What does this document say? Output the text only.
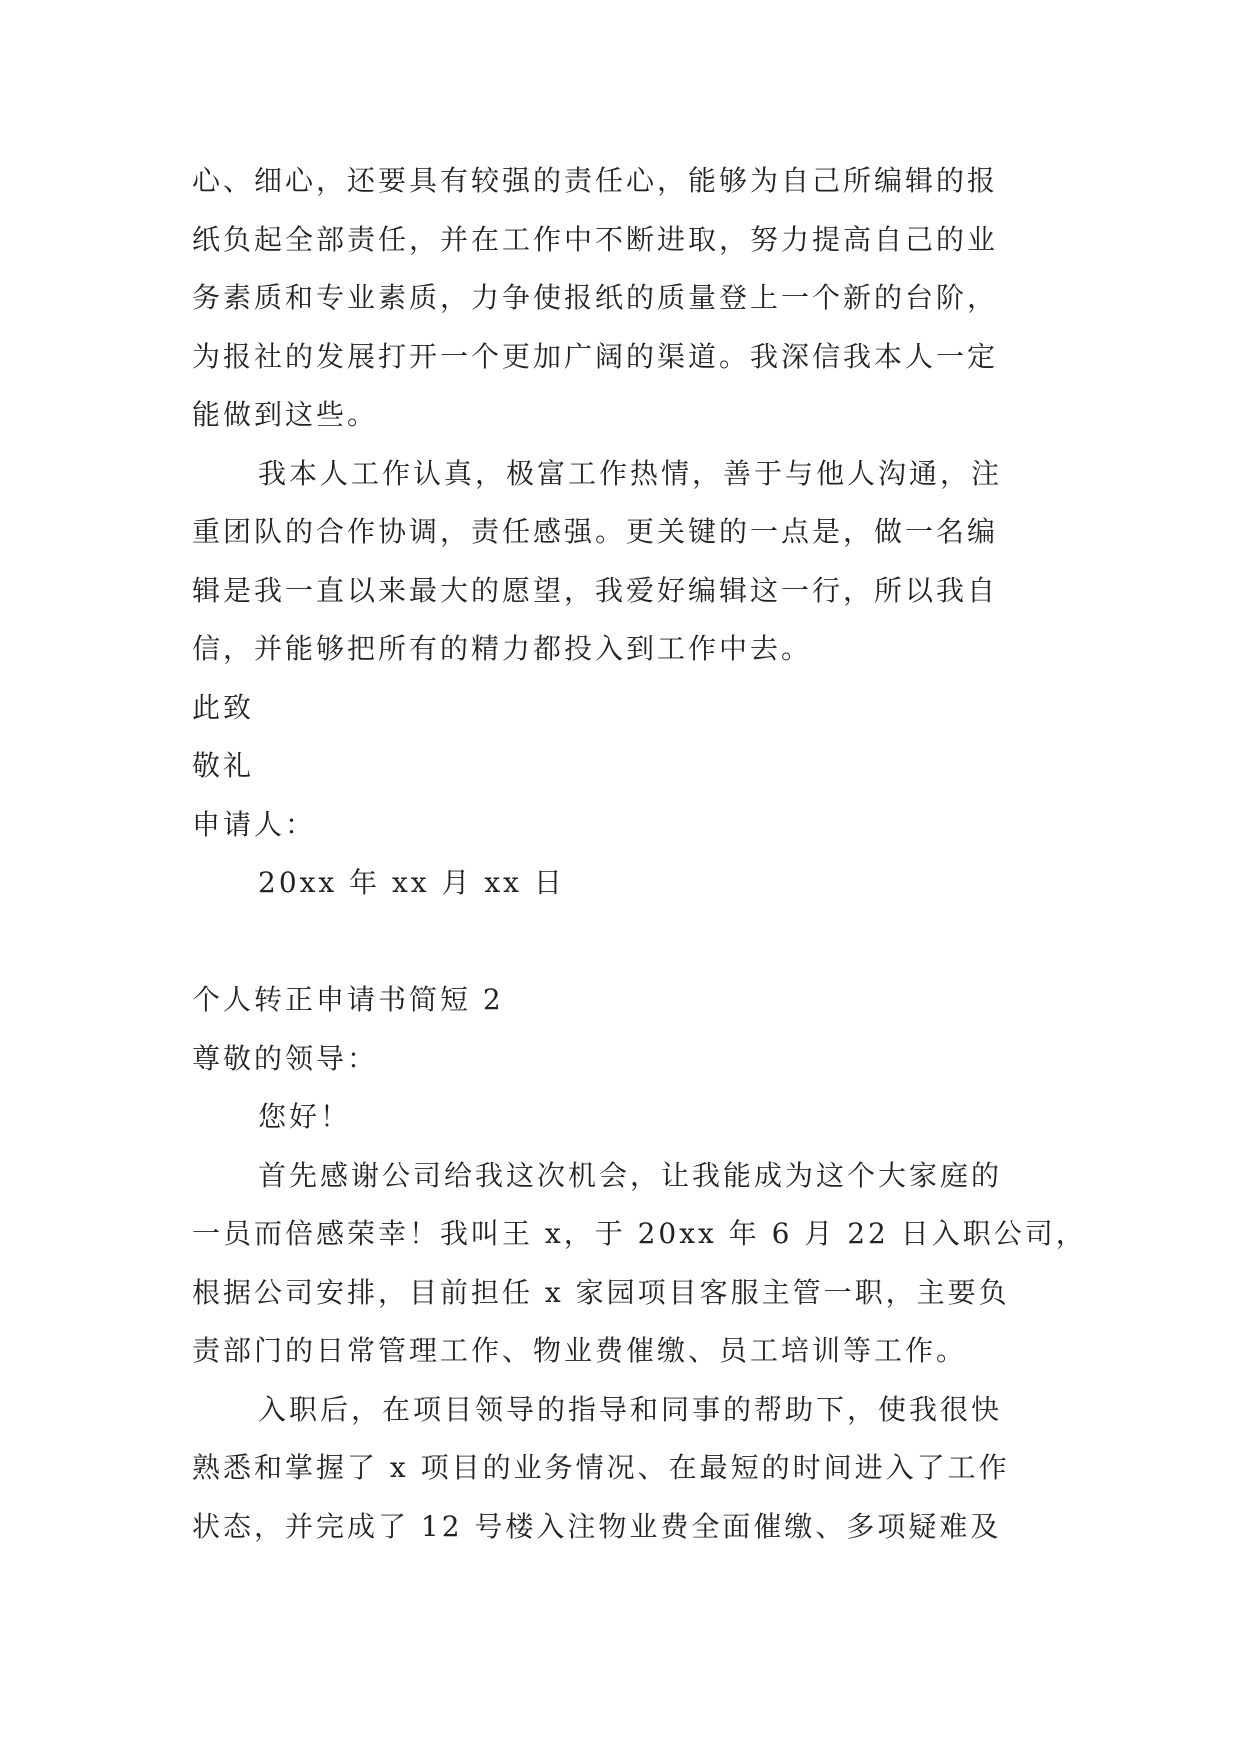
心、细心，还要具有较强的责任心，能够为自己所编辑的报
纸负起全部责任，并在工作中不断进取，努力提高自己的业
务素质和专业素质，力争使报纸的质量登上一个新的台阶，
为报社的发展打开一个更加广阔的渠道。我深信我本人一定
能做到这些。
我本人工作认真，极富工作热情，善于与他人沟通，注
重团队的合作协调，责任感强。更关键的一点是，做一名编
辑是我一直以来最大的愿望，我爱好编辑这一行，所以我自
信，并能够把所有的精力都投入到工作中去。
此致
敬礼
申请人：
20xx 年 xx 月 xx 日
个人转正申请书简短 2
尊敬的领导：
您好！
首先感谢公司给我这次机会，让我能成为这个大家庭的
一员而倍感荣幸！我叫王 x，于 20xx 年 6 月 22 日入职公司，
根据公司安排，目前担任 x 家园项目客服主管一职，主要负
责部门的日常管理工作、物业费催缴、员工培训等工作。
入职后，在项目领导的指导和同事的帮助下，使我很快
熟悉和掌握了 x 项目的业务情况、在最短的时间进入了工作
状态，并完成了 12 号楼入注物业费全面催缴、多项疑难及
